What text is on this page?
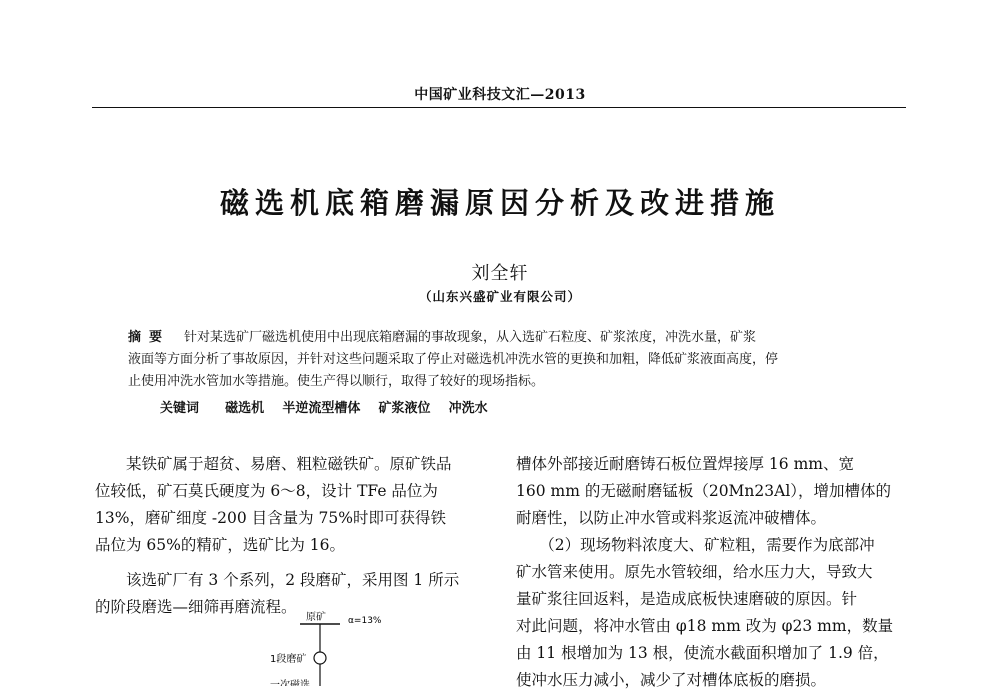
中国矿业科技文汇—2013
磁选机底箱磨漏原因分析及改进措施
刘全轩
（山东兴盛矿业有限公司）
摘要 针对某选矿厂磁选机使用中出现底箱磨漏的事故现象，从入选矿石粒度、矿浆浓度，冲洗水量，矿浆
液面等方面分析了事故原因，并针对这些问题采取了停止对磁选机冲洗水管的更换和加粗，降低矿浆液面高度，停
止使用冲洗水管加水等措施。使生产得以顺行，取得了较好的现场指标。
关键词 磁选机 半逆流型槽体 矿浆液位 冲洗水

　　某铁矿属于超贫、易磨、粗粒磁铁矿。原矿铁品

位较低，矿石莫氏硬度为 6～8，设计 TFe 品位为

13%，磨矿细度 -200 目含量为 75%时即可获得铁

品位为 65%的精矿，选矿比为 16。

　　该选矿厂有 3 个系列，2 段磨矿，采用图 1 所示

的阶段磨选—细筛再磨流程。

槽体外部接近耐磨铸石板位置焊接厚 16 mm、宽

160 mm 的无磁耐磨锰板（20Mn23Al），增加槽体的

耐磨性，以防止冲水管或料浆返流冲破槽体。

　　（2）现场物料浓度大、矿粒粗，需要作为底部冲

矿水管来使用。原先水管较细，给水压力大，导致大

量矿浆往回返料，是造成底板快速磨破的原因。针

对此问题，将冲水管由 φ18 mm 改为 φ23 mm，数量

由 11 根增加为 13 根，使流水截面积增加了 1.9 倍，

使冲水压力减小，减少了对槽体底板的磨损。

原矿 α=13%
1段磨矿
一次磁选
